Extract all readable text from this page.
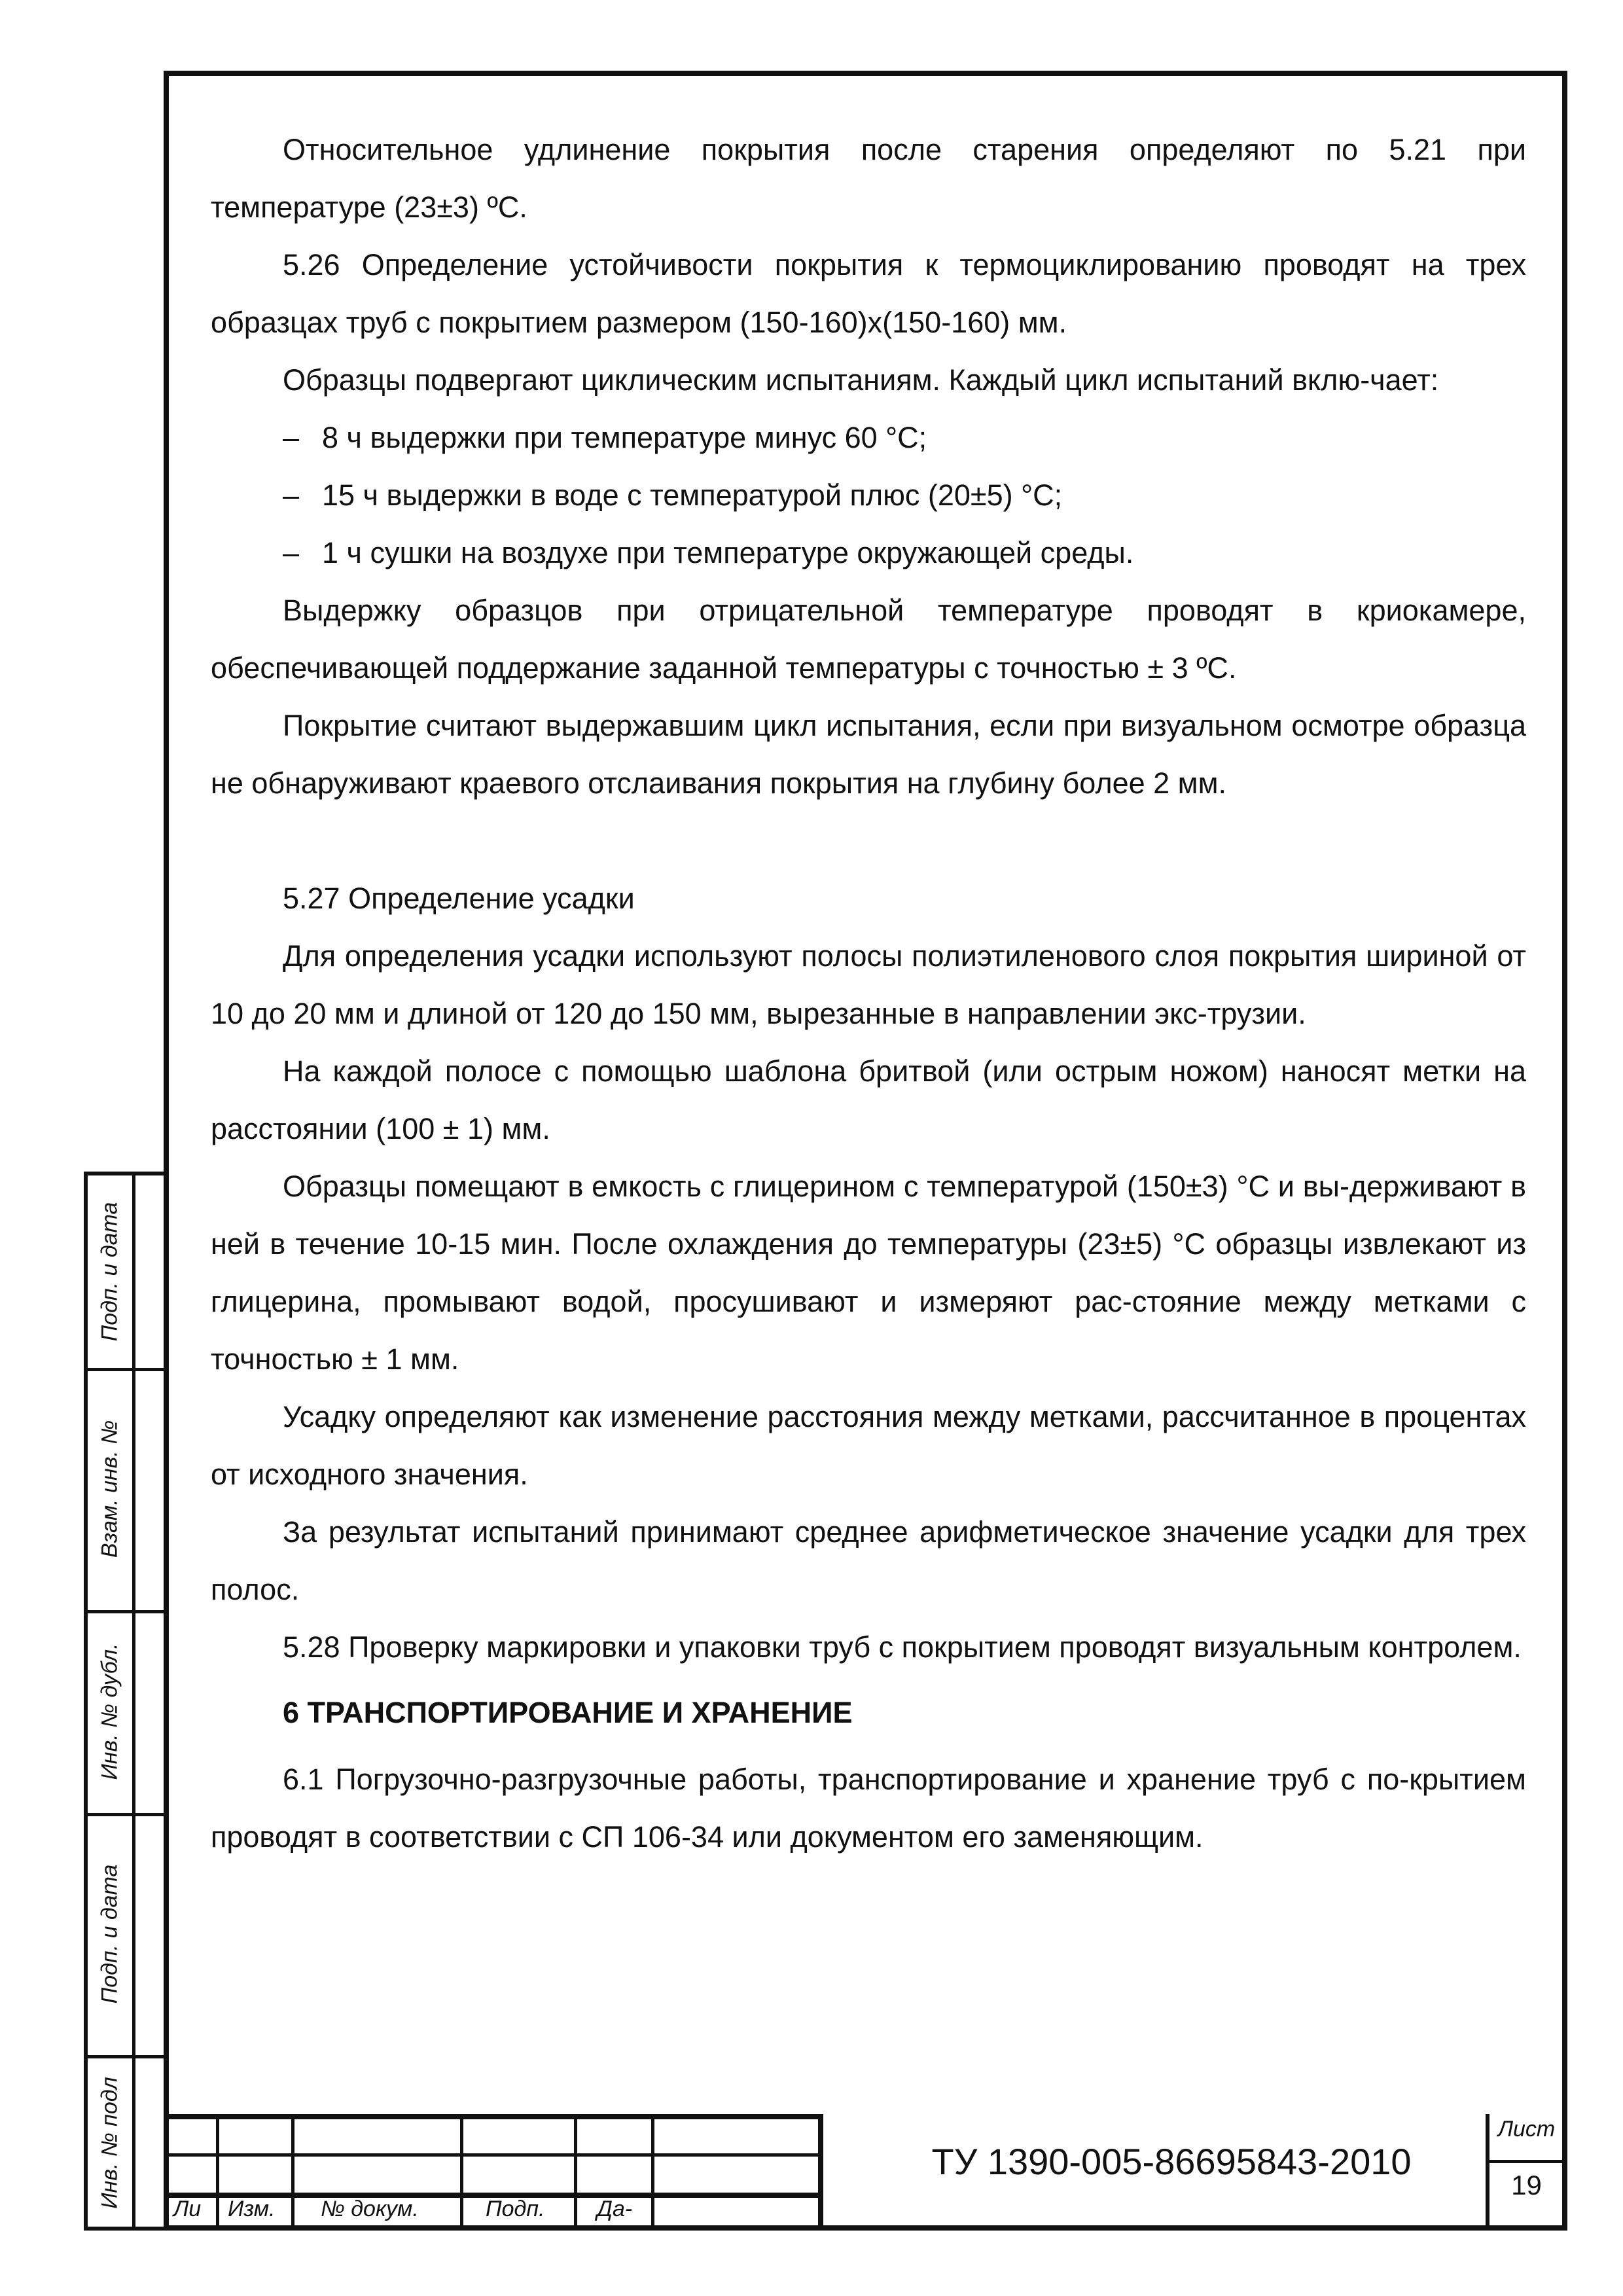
Относительное удлинение покрытия после старения определяют по 5.21 при температуре (23±3) ºС.

5.26 Определение устойчивости покрытия к термоциклированию проводят на трех образцах труб с покрытием размером (150-160)х(150-160) мм.

Образцы подвергают циклическим испытаниям. Каждый цикл испытаний вклю-чает:

– 8 ч выдержки при температуре минус 60 °С;

– 15 ч выдержки в воде с температурой плюс (20±5) °С;

– 1 ч сушки на воздухе при температуре окружающей среды.

Выдержку образцов при отрицательной температуре проводят в криокамере, обеспечивающей поддержание заданной температуры с точностью ± 3 ºС.

Покрытие считают выдержавшим цикл испытания, если при визуальном осмотре образца не обнаруживают краевого отслаивания покрытия на глубину более 2 мм.

5.27 Определение усадки

Для определения усадки используют полосы полиэтиленового слоя покрытия шириной от 10 до 20 мм и длиной от 120 до 150 мм, вырезанные в направлении экс-трузии.

На каждой полосе с помощью шаблона бритвой (или острым ножом) наносят метки на расстоянии (100 ± 1) мм.

Образцы помещают в емкость с глицерином с температурой (150±3) °С и вы-держивают в ней в течение 10-15 мин. После охлаждения до температуры (23±5) °С образцы извлекают из глицерина, промывают водой, просушивают и измеряют рас-стояние между метками с точностью ± 1 мм.

Усадку определяют как изменение расстояния между метками, рассчитанное в процентах от исходного значения.

За результат испытаний принимают среднее арифметическое значение усадки для трех полос.

5.28 Проверку маркировки и упаковки труб с покрытием проводят визуальным контролем.

6 ТРАНСПОРТИРОВАНИЕ И ХРАНЕНИЕ

6.1 Погрузочно-разгрузочные работы, транспортирование и хранение труб с по-крытием проводят в соответствии с СП 106-34 или документом его заменяющим.

Подп. и дата
Взам. инв. №
Инв. № дубл.
Подп. и дата
Инв. № подл
Ли Изм. № докум.	Подп. Да-
ТУ 1390-005-86695843-2010
Лист
19
